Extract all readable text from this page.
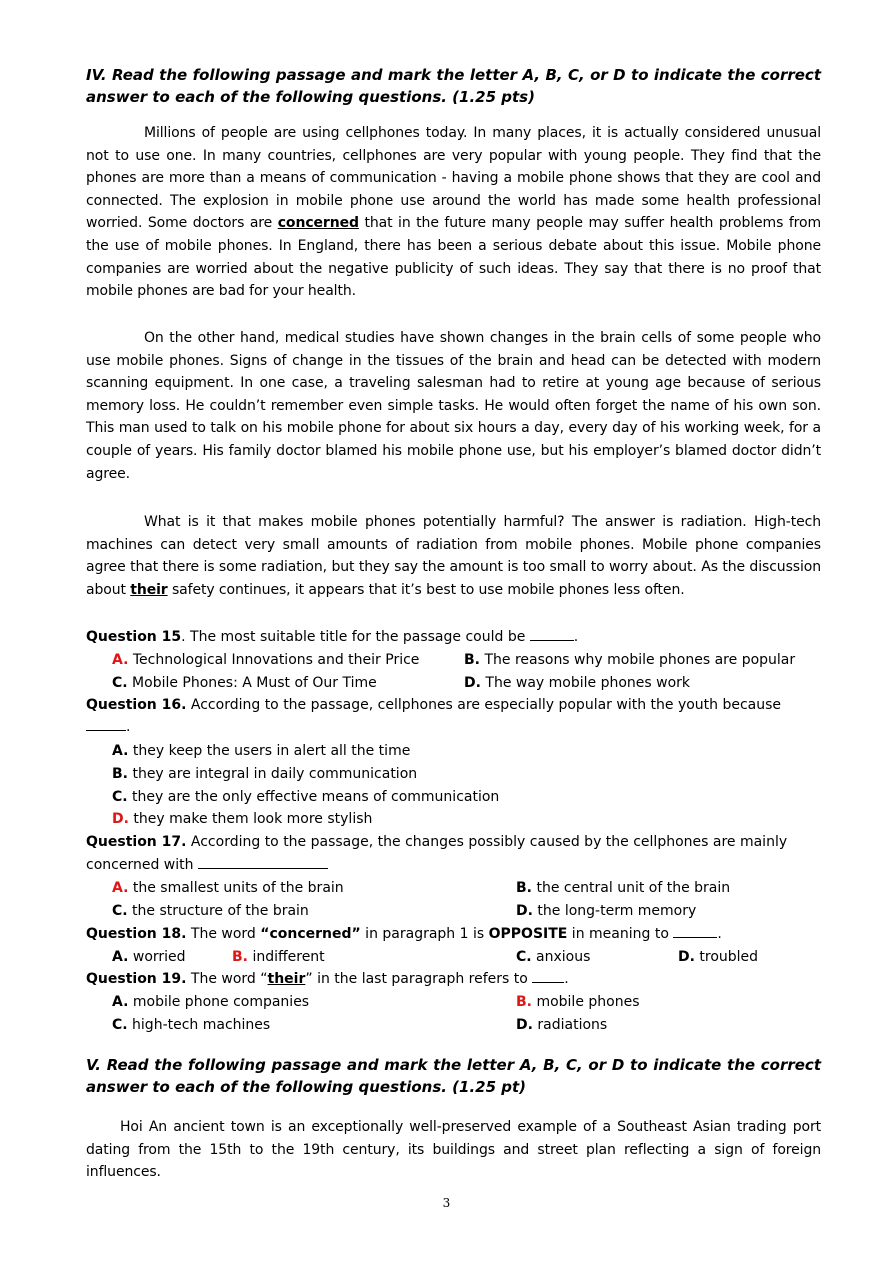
IV. Read the following passage and mark the letter A, B, C, or D to indicate the correct answer to each of the following questions. (1.25 pts)

Millions of people are using cellphones today. In many places, it is actually considered unusual not to use one. In many countries, cellphones are very popular with young people. They find that the phones are more than a means of communication - having a mobile phone shows that they are cool and connected. The explosion in mobile phone use around the world has made some health professional worried. Some doctors are concerned that in the future many people may suffer health problems from the use of mobile phones. In England, there has been a serious debate about this issue. Mobile phone companies are worried about the negative publicity of such ideas. They say that there is no proof that mobile phones are bad for your health.

On the other hand, medical studies have shown changes in the brain cells of some people who use mobile phones. Signs of change in the tissues of the brain and head can be detected with modern scanning equipment. In one case, a traveling salesman had to retire at young age because of serious memory loss. He couldn’t remember even simple tasks. He would often forget the name of his own son. This man used to talk on his mobile phone for about six hours a day, every day of his working week, for a couple of years. His family doctor blamed his mobile phone use, but his employer’s blamed doctor didn’t agree.

What is it that makes mobile phones potentially harmful? The answer is radiation. High-tech machines can detect very small amounts of radiation from mobile phones. Mobile phone companies agree that there is some radiation, but they say the amount is too small to worry about. As the discussion about their safety continues, it appears that it’s best to use mobile phones less often.

Question 15. The most suitable title for the passage could be	.

A. Technological Innovations and their Price	B. The reasons why mobile phones are popular
C. Mobile Phones: A Must of Our Time	D. The way mobile phones work

Question 16. According to the passage, cellphones are especially popular with the youth because

.

A. they keep the users in alert all the time
B. they are integral in daily communication
C. they are the only effective means of communication
D. they make them look more stylish

Question 17. According to the passage, the changes possibly caused by the cellphones are mainly

concerned with

A. the smallest units of the brain	B. the central unit of the brain
C. the structure of the brain	D. the long-term memory

Question 18. The word “concerned” in paragraph 1 is OPPOSITE in meaning to	.

A. worried	B. indifferent	C. anxious	D. troubled

Question 19. The word “their” in the last paragraph refers to .

A. mobile phone companies	B. mobile phones
C. high-tech machines	D. radiations
V. Read the following passage and mark the letter A, B, C, or D to indicate the correct answer to each of the following questions. (1.25 pt)

Hoi An ancient town is an exceptionally well-preserved example of a Southeast Asian trading port dating from the 15th to the 19th century, its buildings and street plan reflecting a sign of foreign influences.

3
